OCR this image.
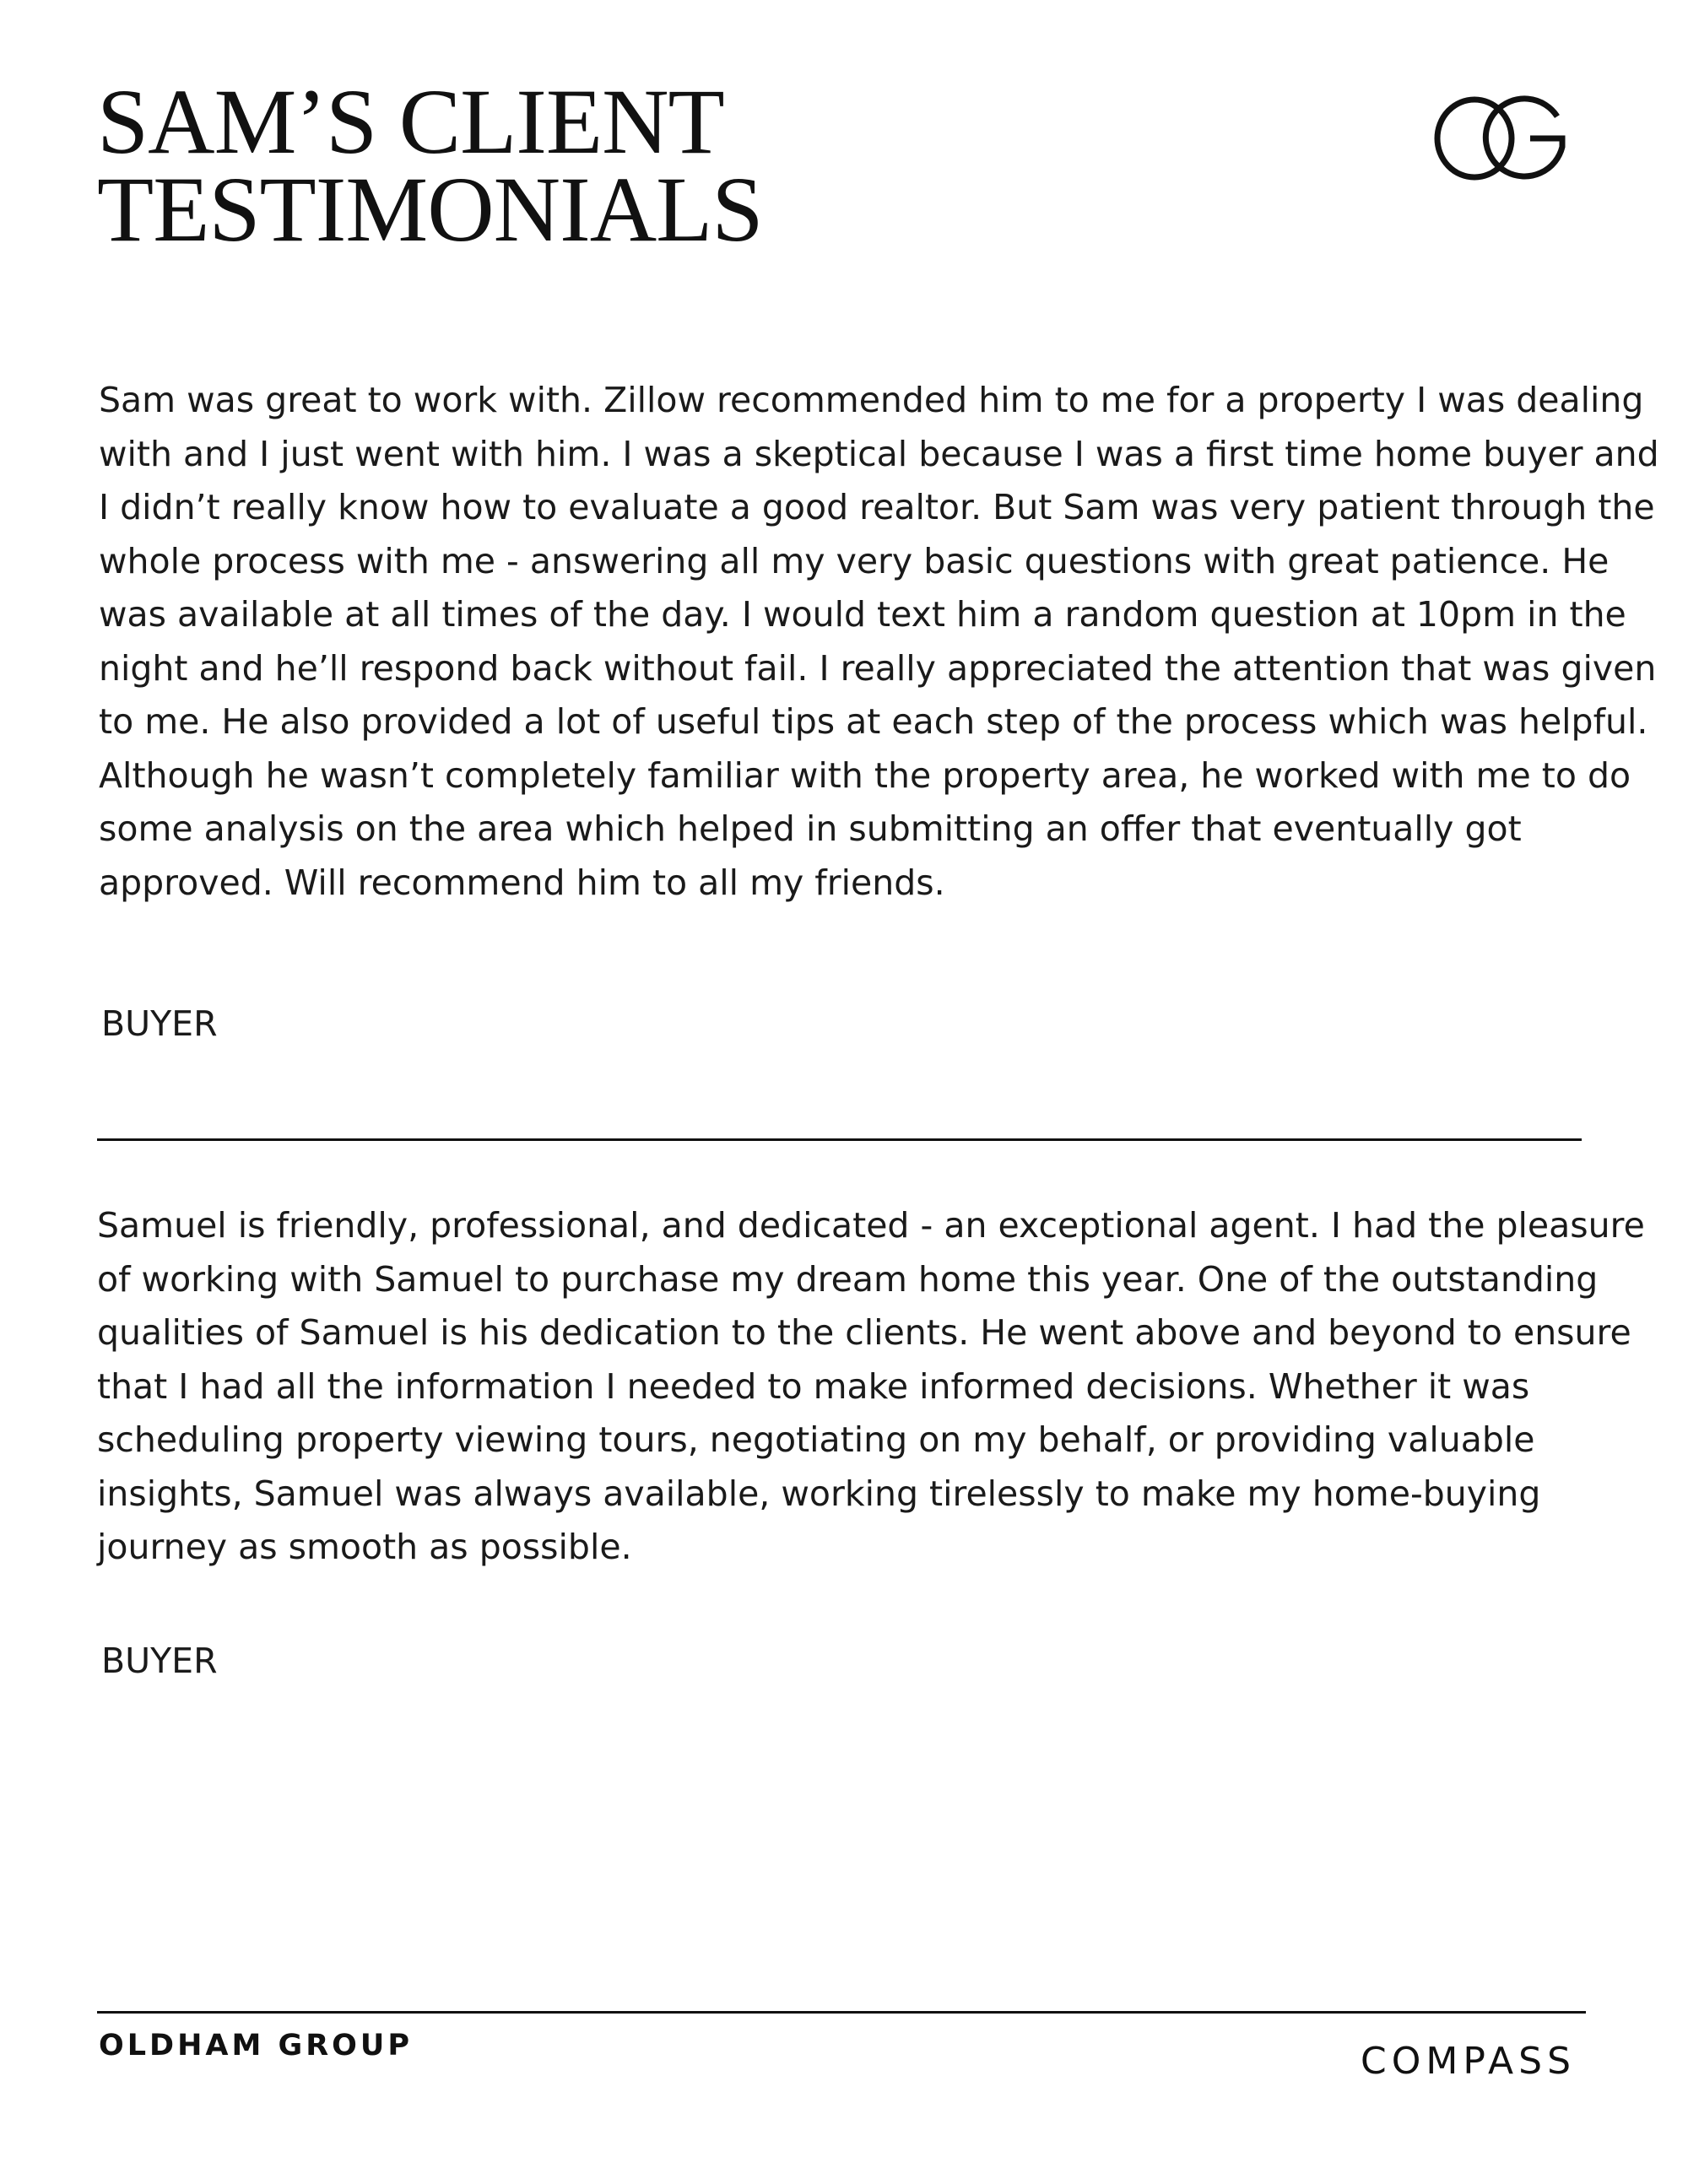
SAM’S CLIENT
TESTIMONIALS

Sam was great to work with. Zillow recommended him to me for a property I was dealing with and I just went with him. I was a skeptical because I was a first time home buyer and I didn’t really know how to evaluate a good realtor. But Sam was very patient through the whole process with me - answering all my very basic questions with great patience. He was available at all times of the day. I would text him a random question at 10pm in the night and he’ll respond back without fail. I really appreciated the attention that was given to me. He also provided a lot of useful tips at each step of the process which was helpful. Although he wasn’t completely familiar with the property area, he worked with me to do some analysis on the area which helped in submitting an offer that eventually got approved. Will recommend him to all my friends.

BUYER

Samuel is friendly, professional, and dedicated - an exceptional agent. I had the pleasure of working with Samuel to purchase my dream home this year. One of the outstanding qualities of Samuel is his dedication to the clients. He went above and beyond to ensure that I had all the information I needed to make informed decisions. Whether it was scheduling property viewing tours, negotiating on my behalf, or providing valuable insights, Samuel was always available, working tirelessly to make my home-buying journey as smooth as possible.

BUYER

OLDHAM GROUP	COMPASS
